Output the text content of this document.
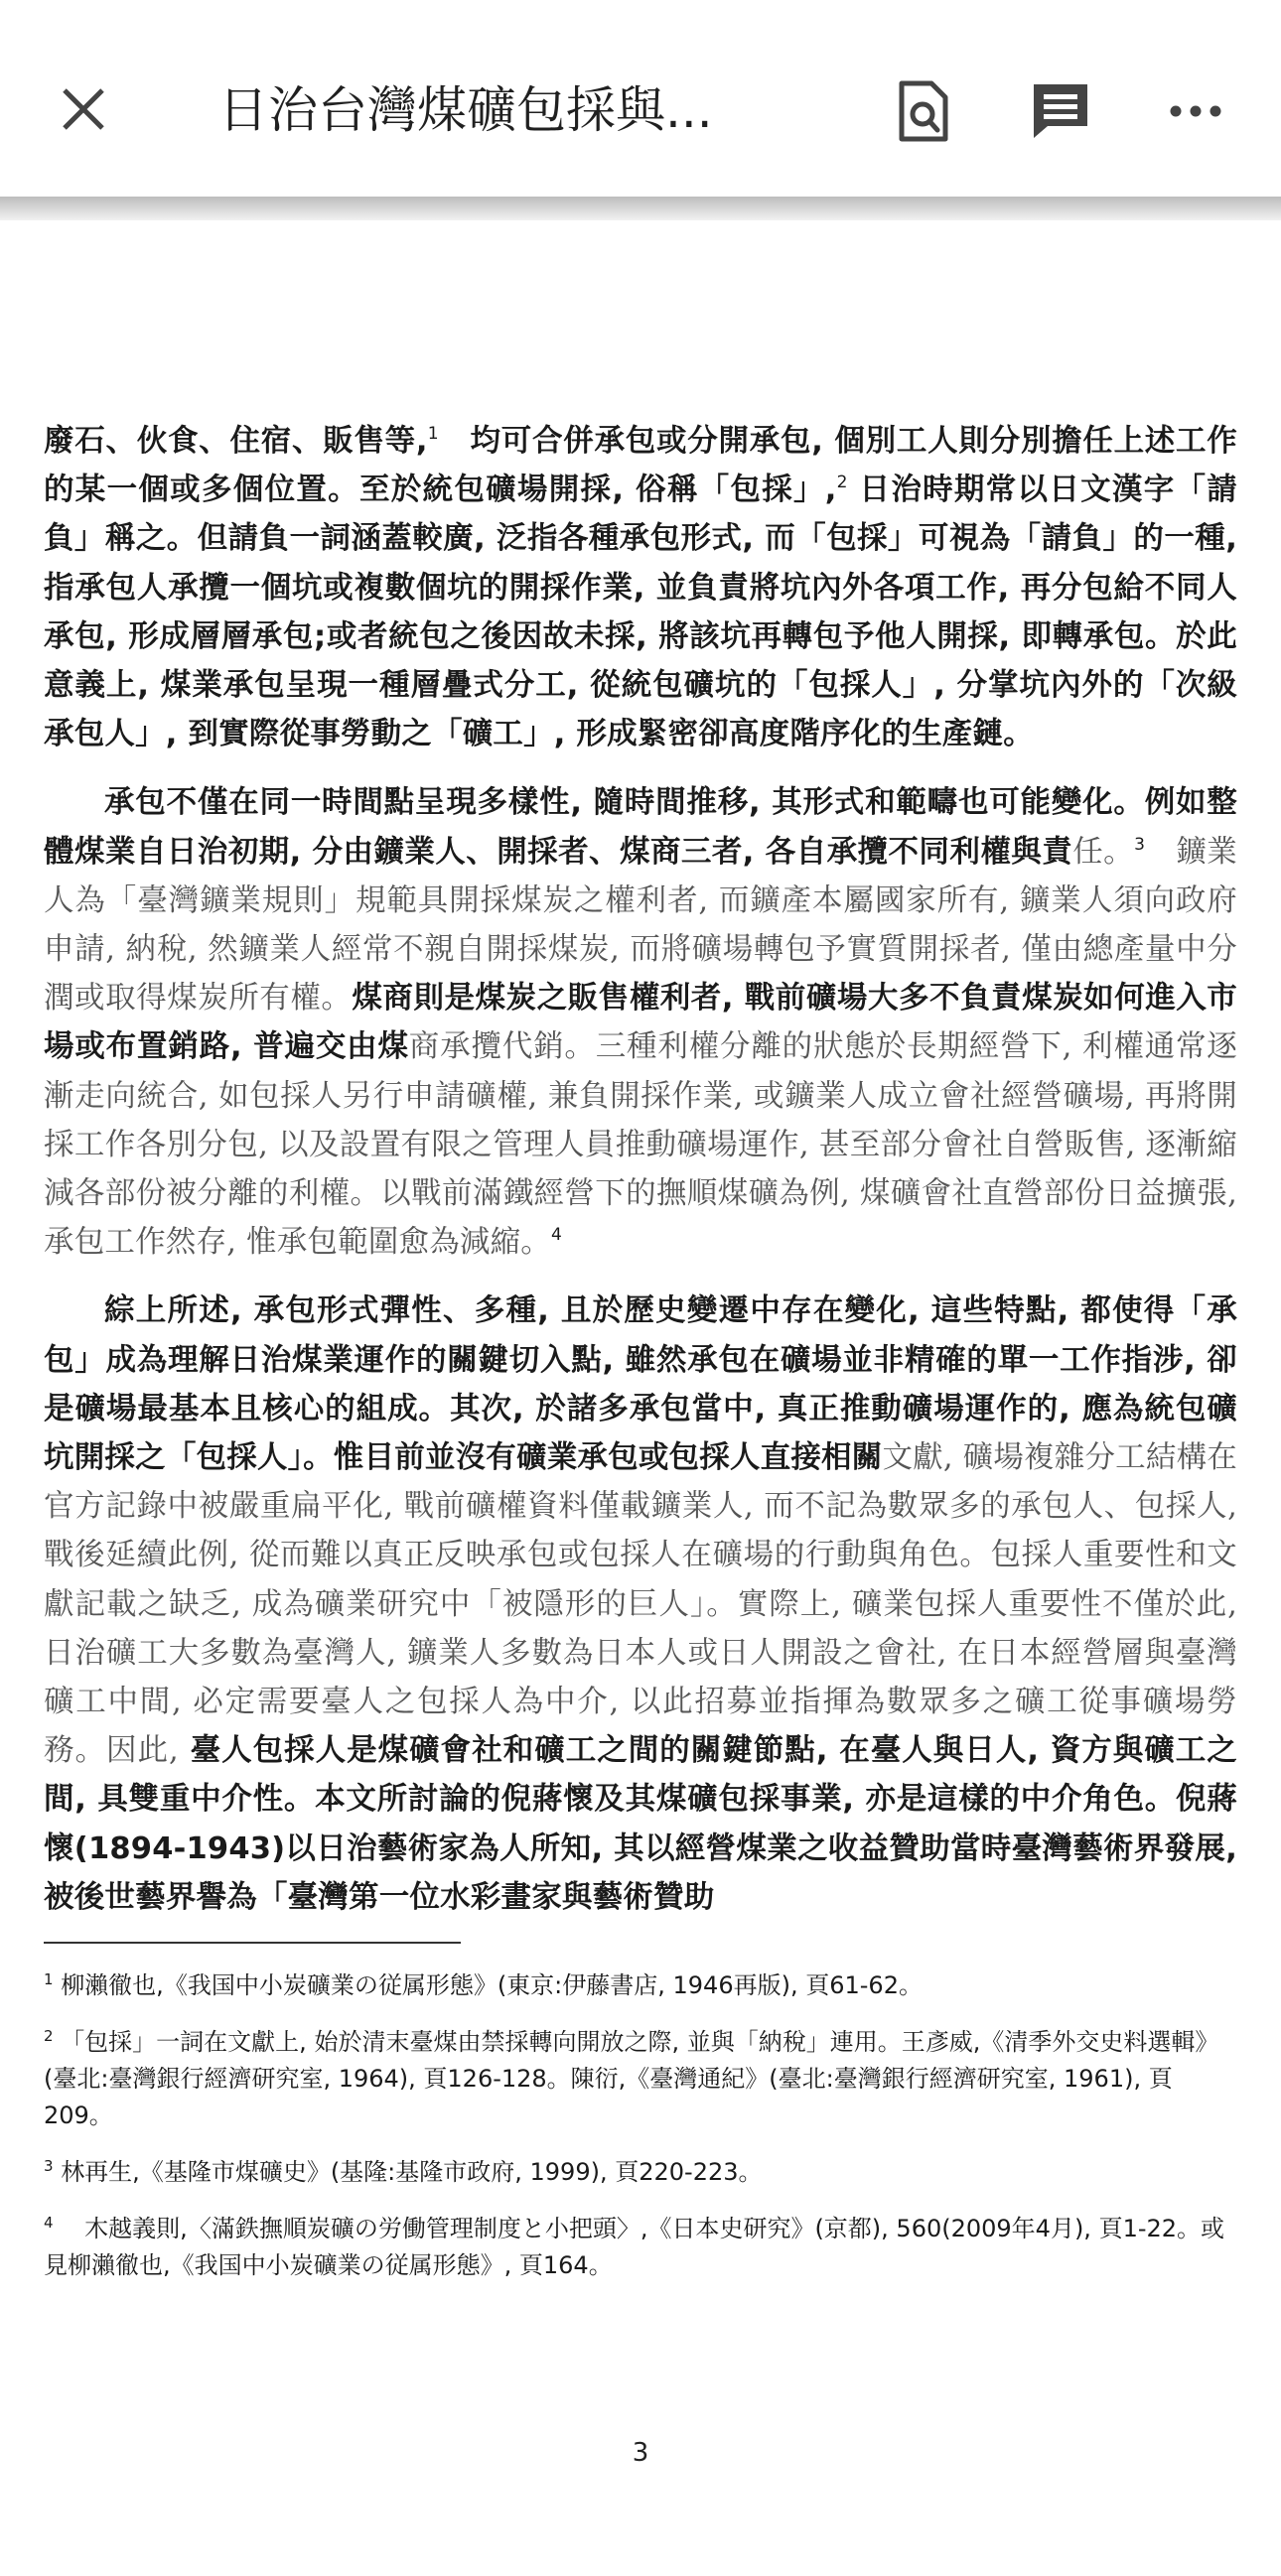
日治台灣煤礦包採與...

廢石、伙食、住宿、販售等,$^1$　均可合併承包或分開承包, 個別工人則分別擔任上述工作的某一個或多個位置。至於統包礦場開採, 俗稱「包採」,$^2$ 日治時期常以日文漢字「請負」稱之。但請負一詞涵蓋較廣, 泛指各種承包形式, 而「包採」可視為「請負」的一種, 指承包人承攬一個坑或複數個坑的開採作業, 並負責將坑內外各項工作, 再分包給不同人承包, 形成層層承包;或者統包之後因故未採, 將該坑再轉包予他人開採, 即轉承包。於此意義上, 煤業承包呈現一種層疊式分工, 從統包礦坑的「包採人」, 分掌坑內外的「次級承包人」, 到實際從事勞動之「礦工」, 形成緊密卻高度階序化的生產鏈。

承包不僅在同一時間點呈現多樣性, 隨時間推移, 其形式和範疇也可能變化。例如整體煤業自日治初期, 分由鑛業人、開採者、煤商三者, 各自承攬不同利權與責任。$^3$　鑛業人為「臺灣鑛業規則」規範具開採煤炭之權利者, 而鑛產本屬國家所有, 鑛業人須向政府申請, 納稅, 然鑛業人經常不親自開採煤炭, 而將礦場轉包予實質開採者, 僅由總產量中分潤或取得煤炭所有權。煤商則是煤炭之販售權利者, 戰前礦場大多不負責煤炭如何進入市場或布置銷路, 普遍交由煤商承攬代銷。三種利權分離的狀態於長期經營下, 利權通常逐漸走向統合, 如包採人另行申請礦權, 兼負開採作業, 或鑛業人成立會社經營礦場, 再將開採工作各別分包, 以及設置有限之管理人員推動礦場運作, 甚至部分會社自營販售, 逐漸縮減各部份被分離的利權。以戰前滿鐵經營下的撫順煤礦為例, 煤礦會社直營部份日益擴張, 承包工作然存, 惟承包範圍愈為減縮。$^4$

綜上所述, 承包形式彈性、多種, 且於歷史變遷中存在變化, 這些特點, 都使得「承包」成為理解日治煤業運作的關鍵切入點, 雖然承包在礦場並非精確的單一工作指涉, 卻是礦場最基本且核心的組成。其次, 於諸多承包當中, 真正推動礦場運作的, 應為統包礦坑開採之「包採人」。惟目前並沒有礦業承包或包採人直接相關文獻, 礦場複雜分工結構在官方記錄中被嚴重扁平化, 戰前礦權資料僅載鑛業人, 而不記為數眾多的承包人、包採人, 戰後延續此例, 從而難以真正反映承包或包採人在礦場的行動與角色。包採人重要性和文獻記載之缺乏, 成為礦業研究中「被隱形的巨人」。實際上, 礦業包採人重要性不僅於此, 日治礦工大多數為臺灣人, 鑛業人多數為日本人或日人開設之會社, 在日本經營層與臺灣礦工中間, 必定需要臺人之包採人為中介, 以此招募並指揮為數眾多之礦工從事礦場勞務。因此, 臺人包採人是煤礦會社和礦工之間的關鍵節點, 在臺人與日人, 資方與礦工之間, 具雙重中介性。本文所討論的倪蔣懷及其煤礦包採事業, 亦是這樣的中介角色。倪蔣懷(1894-1943)以日治藝術家為人所知, 其以經營煤業之收益贊助當時臺灣藝術界發展, 被後世藝界譽為「臺灣第一位水彩畫家與藝術贊助

$^1$ 柳瀨徹也,《我国中小炭礦業の従属形態》(東京:伊藤書店, 1946再版), 頁61-62。
$^2$ 「包採」一詞在文獻上, 始於清末臺煤由禁採轉向開放之際, 並與「納稅」連用。王彥威,《清季外交史料選輯》(臺北:臺灣銀行經濟研究室, 1964), 頁126-128。陳衍,《臺灣通紀》(臺北:臺灣銀行經濟研究室, 1961), 頁209。
$^3$ 林再生,《基隆市煤礦史》(基隆:基隆市政府, 1999), 頁220-223。
$^4$ 　木越義則,〈滿鉄撫順炭礦の労働管理制度と小把頭〉,《日本史研究》(京都), 560(2009年4月), 頁1-22。或見柳瀨徹也,《我国中小炭礦業の従属形態》, 頁164。
3
